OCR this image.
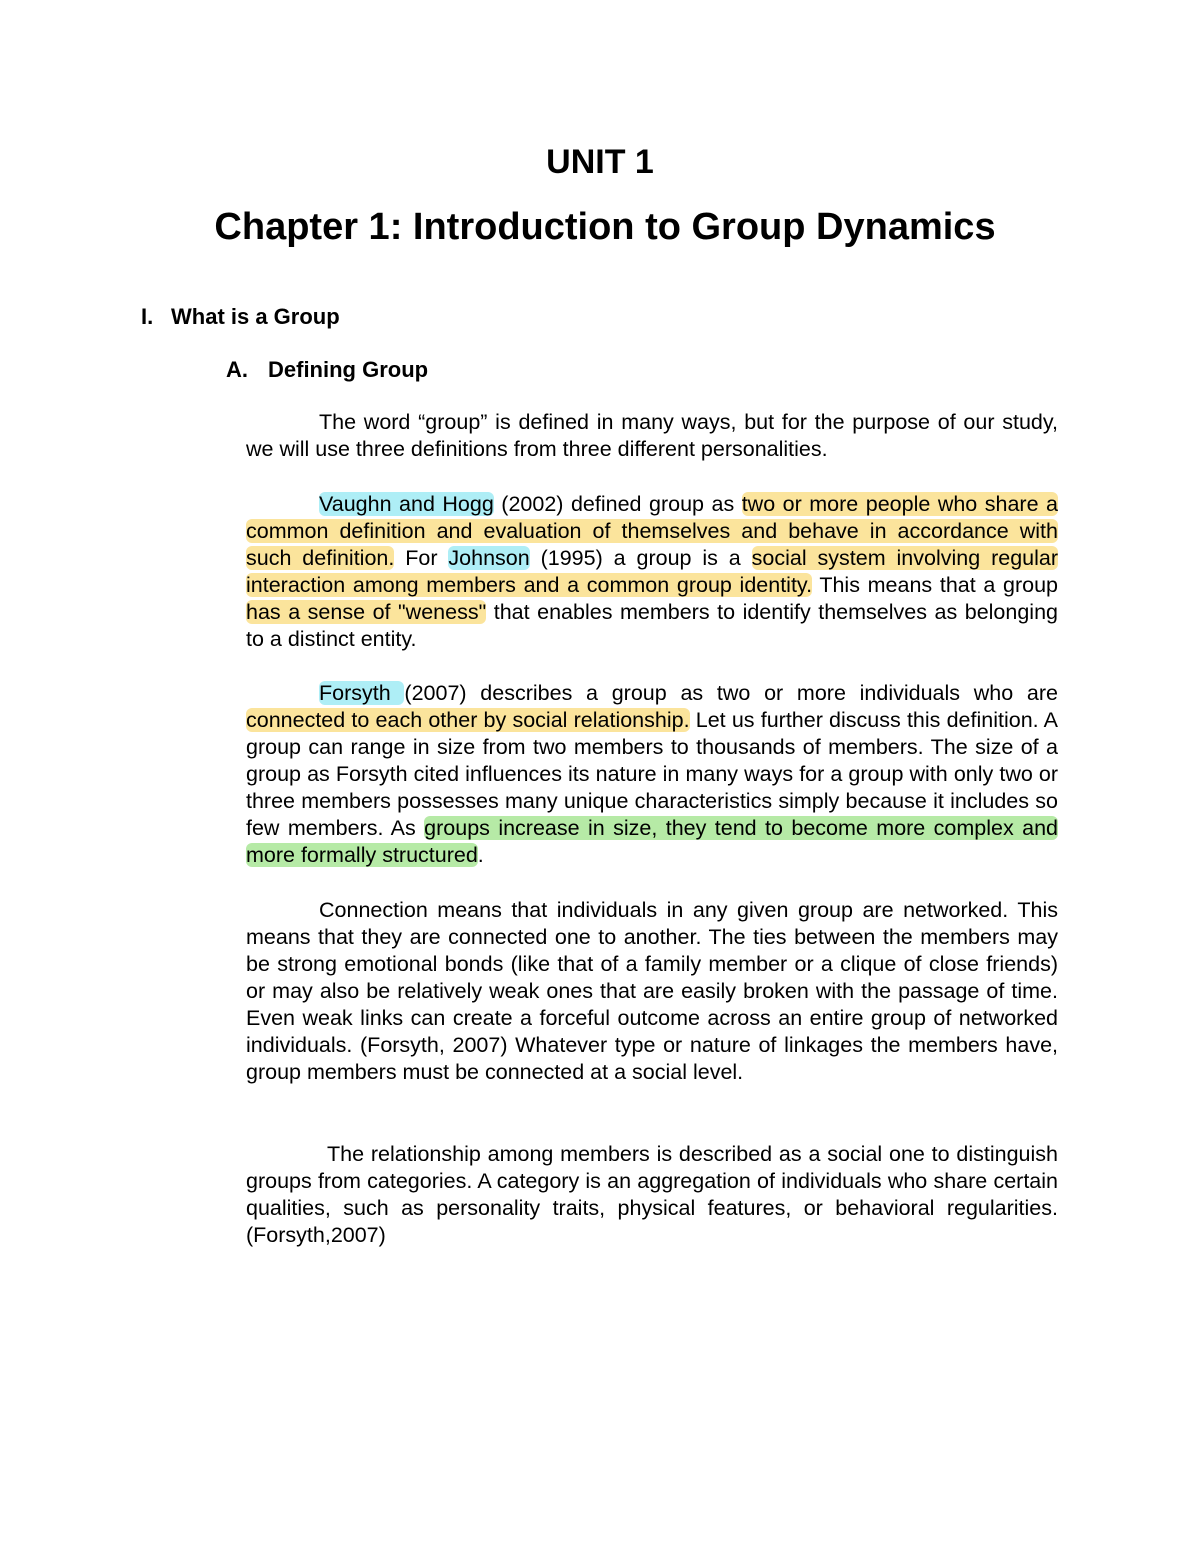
UNIT 1
Chapter 1: Introduction to Group Dynamics
I. What is a Group
A. Defining Group

The word “group” is defined in many ways, but for the purpose of our study, we will use three definitions from three different personalities.

Vaughn and Hogg (2002) defined group as two or more people who share a common definition and evaluation of themselves and behave in accordance with such definition. For Johnson (1995) a group is a social system involving regular interaction among members and a common group identity. This means that a group has a sense of "weness" that enables members to identify themselves as belonging to a distinct entity.

Forsyth (2007) describes a group as two or more individuals who are connected to each other by social relationship. Let us further discuss this definition. A group can range in size from two members to thousands of members. The size of a group as Forsyth cited influences its nature in many ways for a group with only two or three members possesses many unique characteristics simply because it includes so few members. As groups increase in size, they tend to become more complex and more formally structured.

Connection means that individuals in any given group are networked. This means that they are connected one to another. The ties between the members may be strong emotional bonds (like that of a family member or a clique of close friends) or may also be relatively weak ones that are easily broken with the passage of time. Even weak links can create a forceful outcome across an entire group of networked individuals. (Forsyth, 2007) Whatever type or nature of linkages the members have, group members must be connected at a social level.

The relationship among members is described as a social one to distinguish groups from categories. A category is an aggregation of individuals who share certain qualities, such as personality traits, physical features, or behavioral regularities. (Forsyth,2007)
